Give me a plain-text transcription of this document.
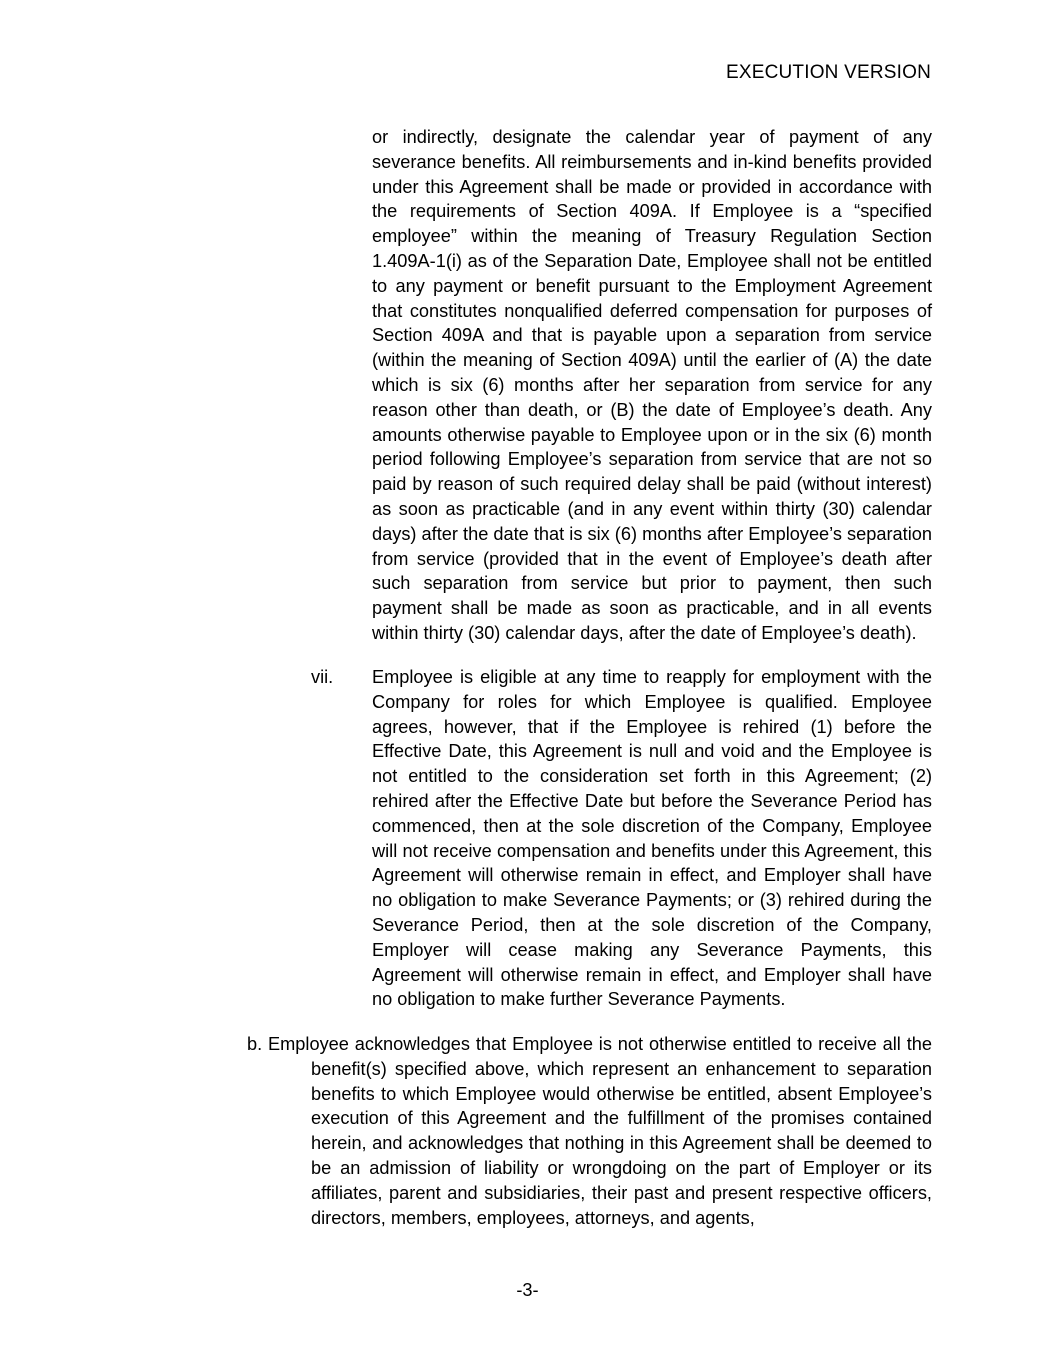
EXECUTION VERSION
or indirectly, designate the calendar year of payment of any severance benefits. All reimbursements and in-kind benefits provided under this Agreement shall be made or provided in accordance with the requirements of Section 409A. If Employee is a “specified employee” within the meaning of Treasury Regulation Section 1.409A-1(i) as of the Separation Date, Employee shall not be entitled to any payment or benefit pursuant to the Employment Agreement that constitutes nonqualified deferred compensation for purposes of Section 409A and that is payable upon a separation from service (within the meaning of Section 409A) until the earlier of (A) the date which is six (6) months after her separation from service for any reason other than death, or (B) the date of Employee’s death. Any amounts otherwise payable to Employee upon or in the six (6) month period following Employee’s separation from service that are not so paid by reason of such required delay shall be paid (without interest) as soon as practicable (and in any event within thirty (30) calendar days) after the date that is six (6) months after Employee’s separation from service (provided that in the event of Employee’s death after such separation from service but prior to payment, then such payment shall be made as soon as practicable, and in all events within thirty (30) calendar days, after the date of Employee’s death).
vii. Employee is eligible at any time to reapply for employment with the Company for roles for which Employee is qualified. Employee agrees, however, that if the Employee is rehired (1) before the Effective Date, this Agreement is null and void and the Employee is not entitled to the consideration set forth in this Agreement; (2) rehired after the Effective Date but before the Severance Period has commenced, then at the sole discretion of the Company, Employee will not receive compensation and benefits under this Agreement, this Agreement will otherwise remain in effect, and Employer shall have no obligation to make Severance Payments; or (3) rehired during the Severance Period, then at the sole discretion of the Company, Employer will cease making any Severance Payments, this Agreement will otherwise remain in effect, and Employer shall have no obligation to make further Severance Payments.
b. Employee acknowledges that Employee is not otherwise entitled to receive all the benefit(s) specified above, which represent an enhancement to separation benefits to which Employee would otherwise be entitled, absent Employee’s execution of this Agreement and the fulfillment of the promises contained herein, and acknowledges that nothing in this Agreement shall be deemed to be an admission of liability or wrongdoing on the part of Employer or its affiliates, parent and subsidiaries, their past and present respective officers, directors, members, employees, attorneys, and agents,
-3-
